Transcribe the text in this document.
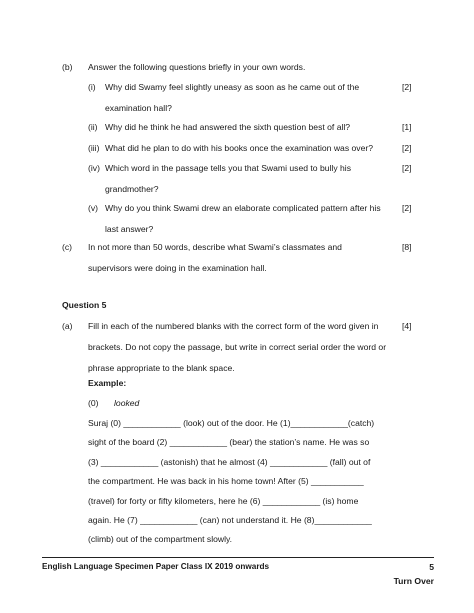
(b) Answer the following questions briefly in your own words.
(i) Why did Swamy feel slightly uneasy as soon as he came out of the examination hall?
[2]
(ii) Why did he think he had answered the sixth question best of all?	[1]
(iii) What did he plan to do with his books once the examination was over?	[2]
(iv) Which word in the passage tells you that Swami used to bully his grandmother?
[2]
(v) Why do you think Swami drew an elaborate complicated pattern after his last answer?
[2]
(c) In not more than 50 words, describe what Swami’s classmates and supervisors were doing in the examination hall.
[8]
Question 5
(a) Fill in each of the numbered blanks with the correct form of the word given in brackets. Do not copy the passage, but write in correct serial order the word or phrase appropriate to the blank space.
[4]
Example:
(0) looked
Suraj (0) ____________ (look) out of the door. He (1)____________(catch)
sight of the board (2) ____________ (bear) the station’s name. He was so
(3) ____________ (astonish) that he almost (4) ____________ (fall) out of
the compartment. He was back in his home town! After (5) ___________
(travel) for forty or fifty kilometers, here he (6) ____________ (is) home
again. He (7) ____________ (can) not understand it. He (8)____________
(climb) out of the compartment slowly.
English Language Specimen Paper Class IX 2019 onwards	5
Turn Over
